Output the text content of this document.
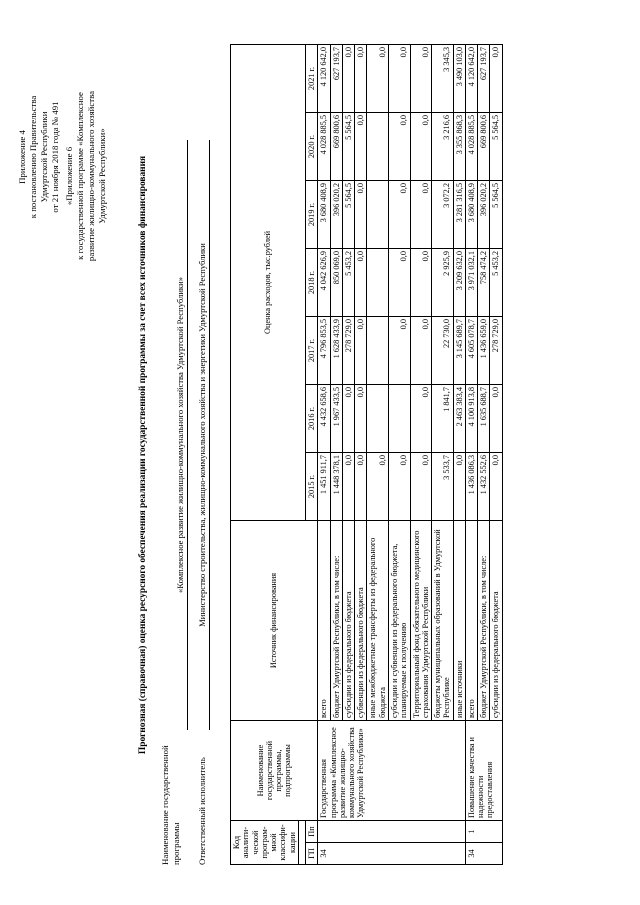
Приложение 4 к постановлению Правительства Удмуртской Республики от 21 ноября 2018 года № 491 «Приложение 6 к государственной программе «Комплексное развитие жилищно-коммунального хозяйства Удмуртской Республики»	Прогнозная (справочная) оценка ресурсного обеспечения реализации государственной программы за счет всех источников финансирования
Наименование государственной программы
«Комплексное развитие жилищно-коммунального хозяйства Удмуртской Республики»
Ответственный исполнитель
Министерство строительства, жилищно-коммунального хозяйства и энергетики Удмуртской Республики
Код аналити-ческой програм-мной классифи-кации		Наименование государственной программы, подпрограммы	Источник финансирования	Оценка расходов, тыс.рублей						

ГП	Пп			2015 г.	2016 г.	2017 г.	2018 г.	2019 г.	2020 г.	2021 г.
34		Государственная программа «Комплексное развитие жилищно-коммунального хозяйства Удмуртской Республики»	всего	1 451 911,7	4 432 658,6	4 796 853,5	4 042 626,9	3 680 408,9	4 028 885,5	4 120 642,0
			бюджет Удмуртской Республики, в том числе:	1 448 378,1	1 967 433,5	1 628 433,9	850 069,0	396 020,2	669 800,6	627 193,7
			субсидии из федерального бюджета	0,0	0,0	278 729,0	5 453,2	5 564,5	5 564,5	0,0
			субвенции из федерального бюджета	0,0	0,0	0,0	0,0	0,0	0,0	0,0
			иные межбюджетные трансферты из федерального бюджета	0,0						0,0
			субсидии и субвенции из федерального бюджета, планируемые к получению	0,0		0,0	0,0	0,0	0,0	0,0
			Территориальный фонд обязательного медицинского страхования Удмуртской Республики	0,0	0,0	0,0	0,0	0,0	0,0	0,0
			бюджеты муниципальных образований в Удмуртской Республике	3 533,7	1 841,7	22 730,0	2 925,9	3 072,2	3 216,6	3 345,3
			иные источники	0,0	2 463 383,4	3 145 689,7	3 209 632,0	3 281 316,5	3 355 868,3	3 490 103,0
34	1	Повышение качества и надежности предоставления	всего	1 436 086,3	4 100 913,8	4 605 078,7	3 971 032,1	3 680 408,9	4 028 885,5	4 120 642,0
			бюджет Удмуртской Республики, в том числе:	1 432 552,6	1 635 688,7	1 436 659,0	758 474,2	396 020,2	669 800,6	627 193,7
			субсидии из федерального бюджета	0,0	0,0	278 729,0	5 453,2	5 564,5	5 564,5	0,0
